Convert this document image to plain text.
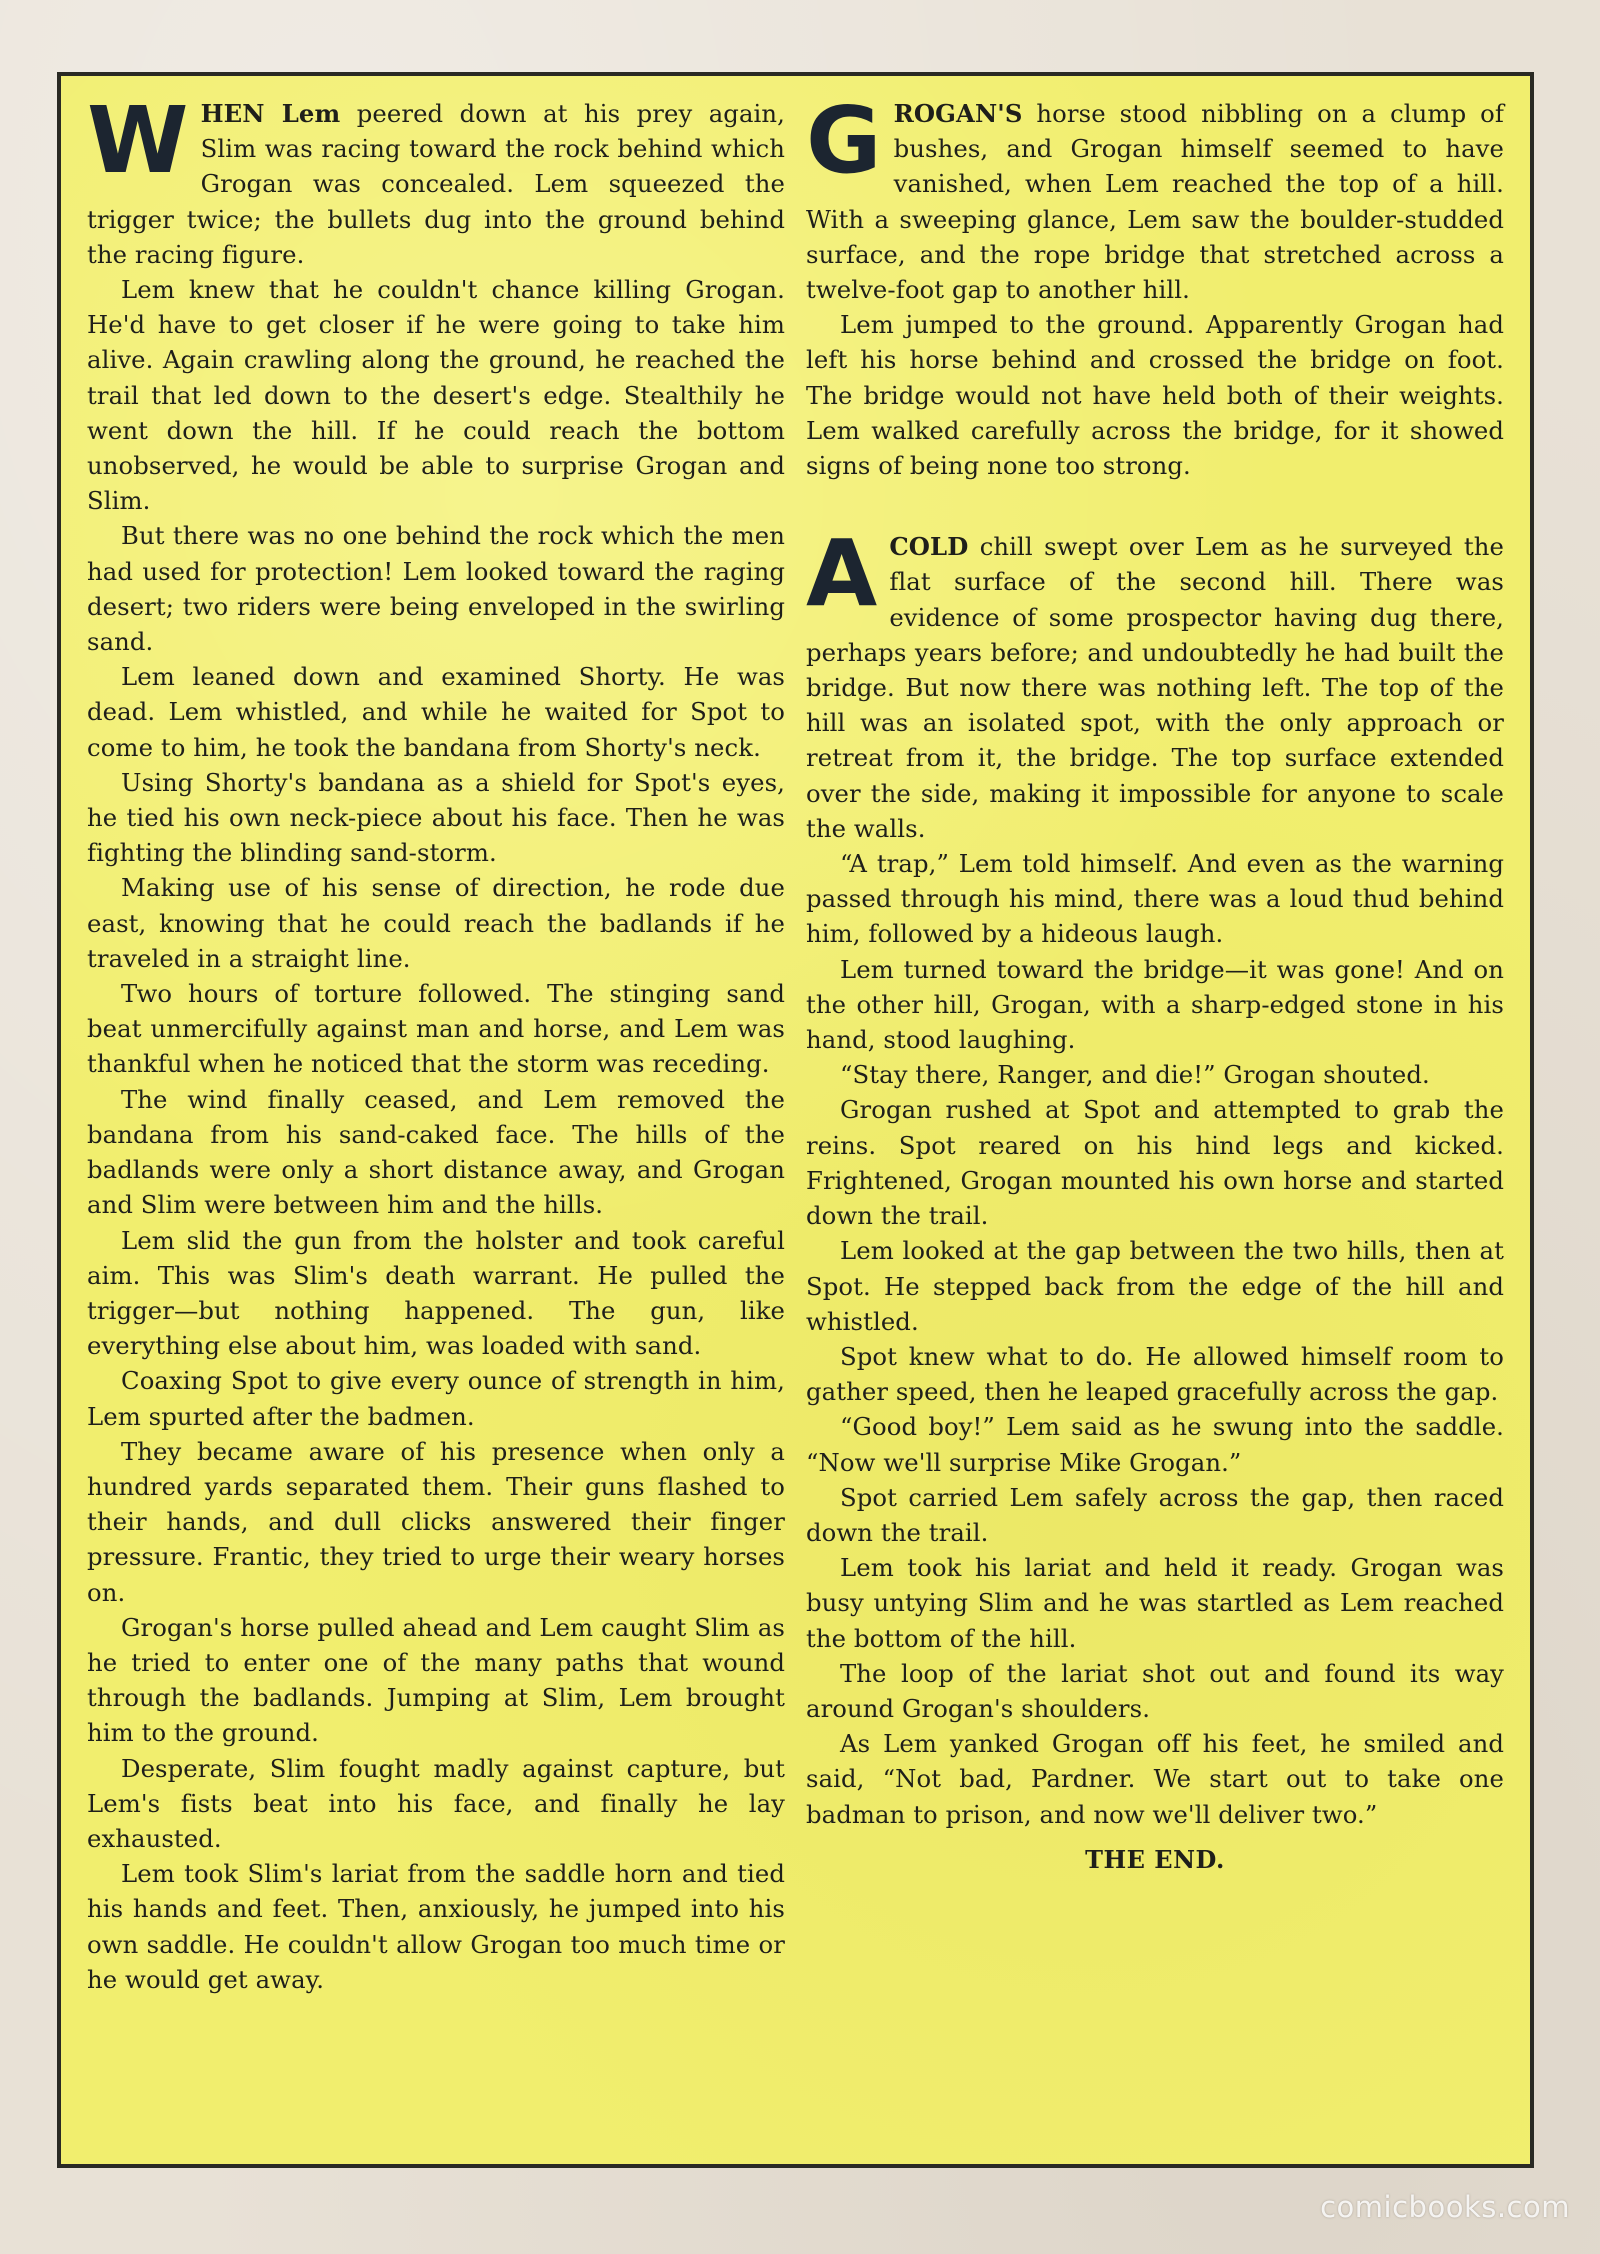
WHEN Lem peered down at his prey again, Slim was racing toward the rock behind which Grogan was concealed. Lem squeezed the trigger twice; the bullets dug into the ground behind the racing figure.

Lem knew that he couldn't chance killing Grogan. He'd have to get closer if he were going to take him alive. Again crawling along the ground, he reached the trail that led down to the desert's edge. Stealthily he went down the hill. If he could reach the bottom unobserved, he would be able to surprise Grogan and Slim.

But there was no one behind the rock which the men had used for protection! Lem looked toward the raging desert; two riders were being enveloped in the swirling sand.

Lem leaned down and examined Shorty. He was dead. Lem whistled, and while he waited for Spot to come to him, he took the bandana from Shorty's neck.

Using Shorty's bandana as a shield for Spot's eyes, he tied his own neck-piece about his face. Then he was fighting the blinding sand-storm.

Making use of his sense of direction, he rode due east, knowing that he could reach the badlands if he traveled in a straight line.

Two hours of torture followed. The stinging sand beat unmercifully against man and horse, and Lem was thankful when he noticed that the storm was receding.

The wind finally ceased, and Lem removed the bandana from his sand-caked face. The hills of the badlands were only a short distance away, and Grogan and Slim were between him and the hills.

Lem slid the gun from the holster and took careful aim. This was Slim's death warrant. He pulled the trigger—but nothing happened. The gun, like everything else about him, was loaded with sand.

Coaxing Spot to give every ounce of strength in him, Lem spurted after the badmen.

They became aware of his presence when only a hundred yards separated them. Their guns flashed to their hands, and dull clicks answered their finger pressure. Frantic, they tried to urge their weary horses on.

Grogan's horse pulled ahead and Lem caught Slim as he tried to enter one of the many paths that wound through the badlands. Jumping at Slim, Lem brought him to the ground.

Desperate, Slim fought madly against capture, but Lem's fists beat into his face, and finally he lay exhausted.

Lem took Slim's lariat from the saddle horn and tied his hands and feet. Then, anxiously, he jumped into his own saddle. He couldn't allow Grogan too much time or he would get away.

GROGAN'S horse stood nibbling on a clump of bushes, and Grogan himself seemed to have vanished, when Lem reached the top of a hill. With a sweeping glance, Lem saw the boulder-studded surface, and the rope bridge that stretched across a twelve-foot gap to another hill.

Lem jumped to the ground. Apparently Grogan had left his horse behind and crossed the bridge on foot. The bridge would not have held both of their weights. Lem walked carefully across the bridge, for it showed signs of being none too strong.

ACOLD chill swept over Lem as he surveyed the flat surface of the second hill. There was evidence of some prospector having dug there, perhaps years before; and undoubtedly he had built the bridge. But now there was nothing left. The top of the hill was an isolated spot, with the only approach or retreat from it, the bridge. The top surface extended over the side, making it impossible for anyone to scale the walls.

“A trap,” Lem told himself. And even as the warning passed through his mind, there was a loud thud behind him, followed by a hideous laugh.

Lem turned toward the bridge—it was gone! And on the other hill, Grogan, with a sharp-edged stone in his hand, stood laughing.

“Stay there, Ranger, and die!” Grogan shouted.

Grogan rushed at Spot and attempted to grab the reins. Spot reared on his hind legs and kicked. Frightened, Grogan mounted his own horse and started down the trail.

Lem looked at the gap between the two hills, then at Spot. He stepped back from the edge of the hill and whistled.

Spot knew what to do. He allowed himself room to gather speed, then he leaped gracefully across the gap.

“Good boy!” Lem said as he swung into the saddle. “Now we'll surprise Mike Grogan.”

Spot carried Lem safely across the gap, then raced down the trail.

Lem took his lariat and held it ready. Grogan was busy untying Slim and he was startled as Lem reached the bottom of the hill.

The loop of the lariat shot out and found its way around Grogan's shoulders.

As Lem yanked Grogan off his feet, he smiled and said, “Not bad, Pardner. We start out to take one badman to prison, and now we'll deliver two.”

THE END.
comicbooks.com
